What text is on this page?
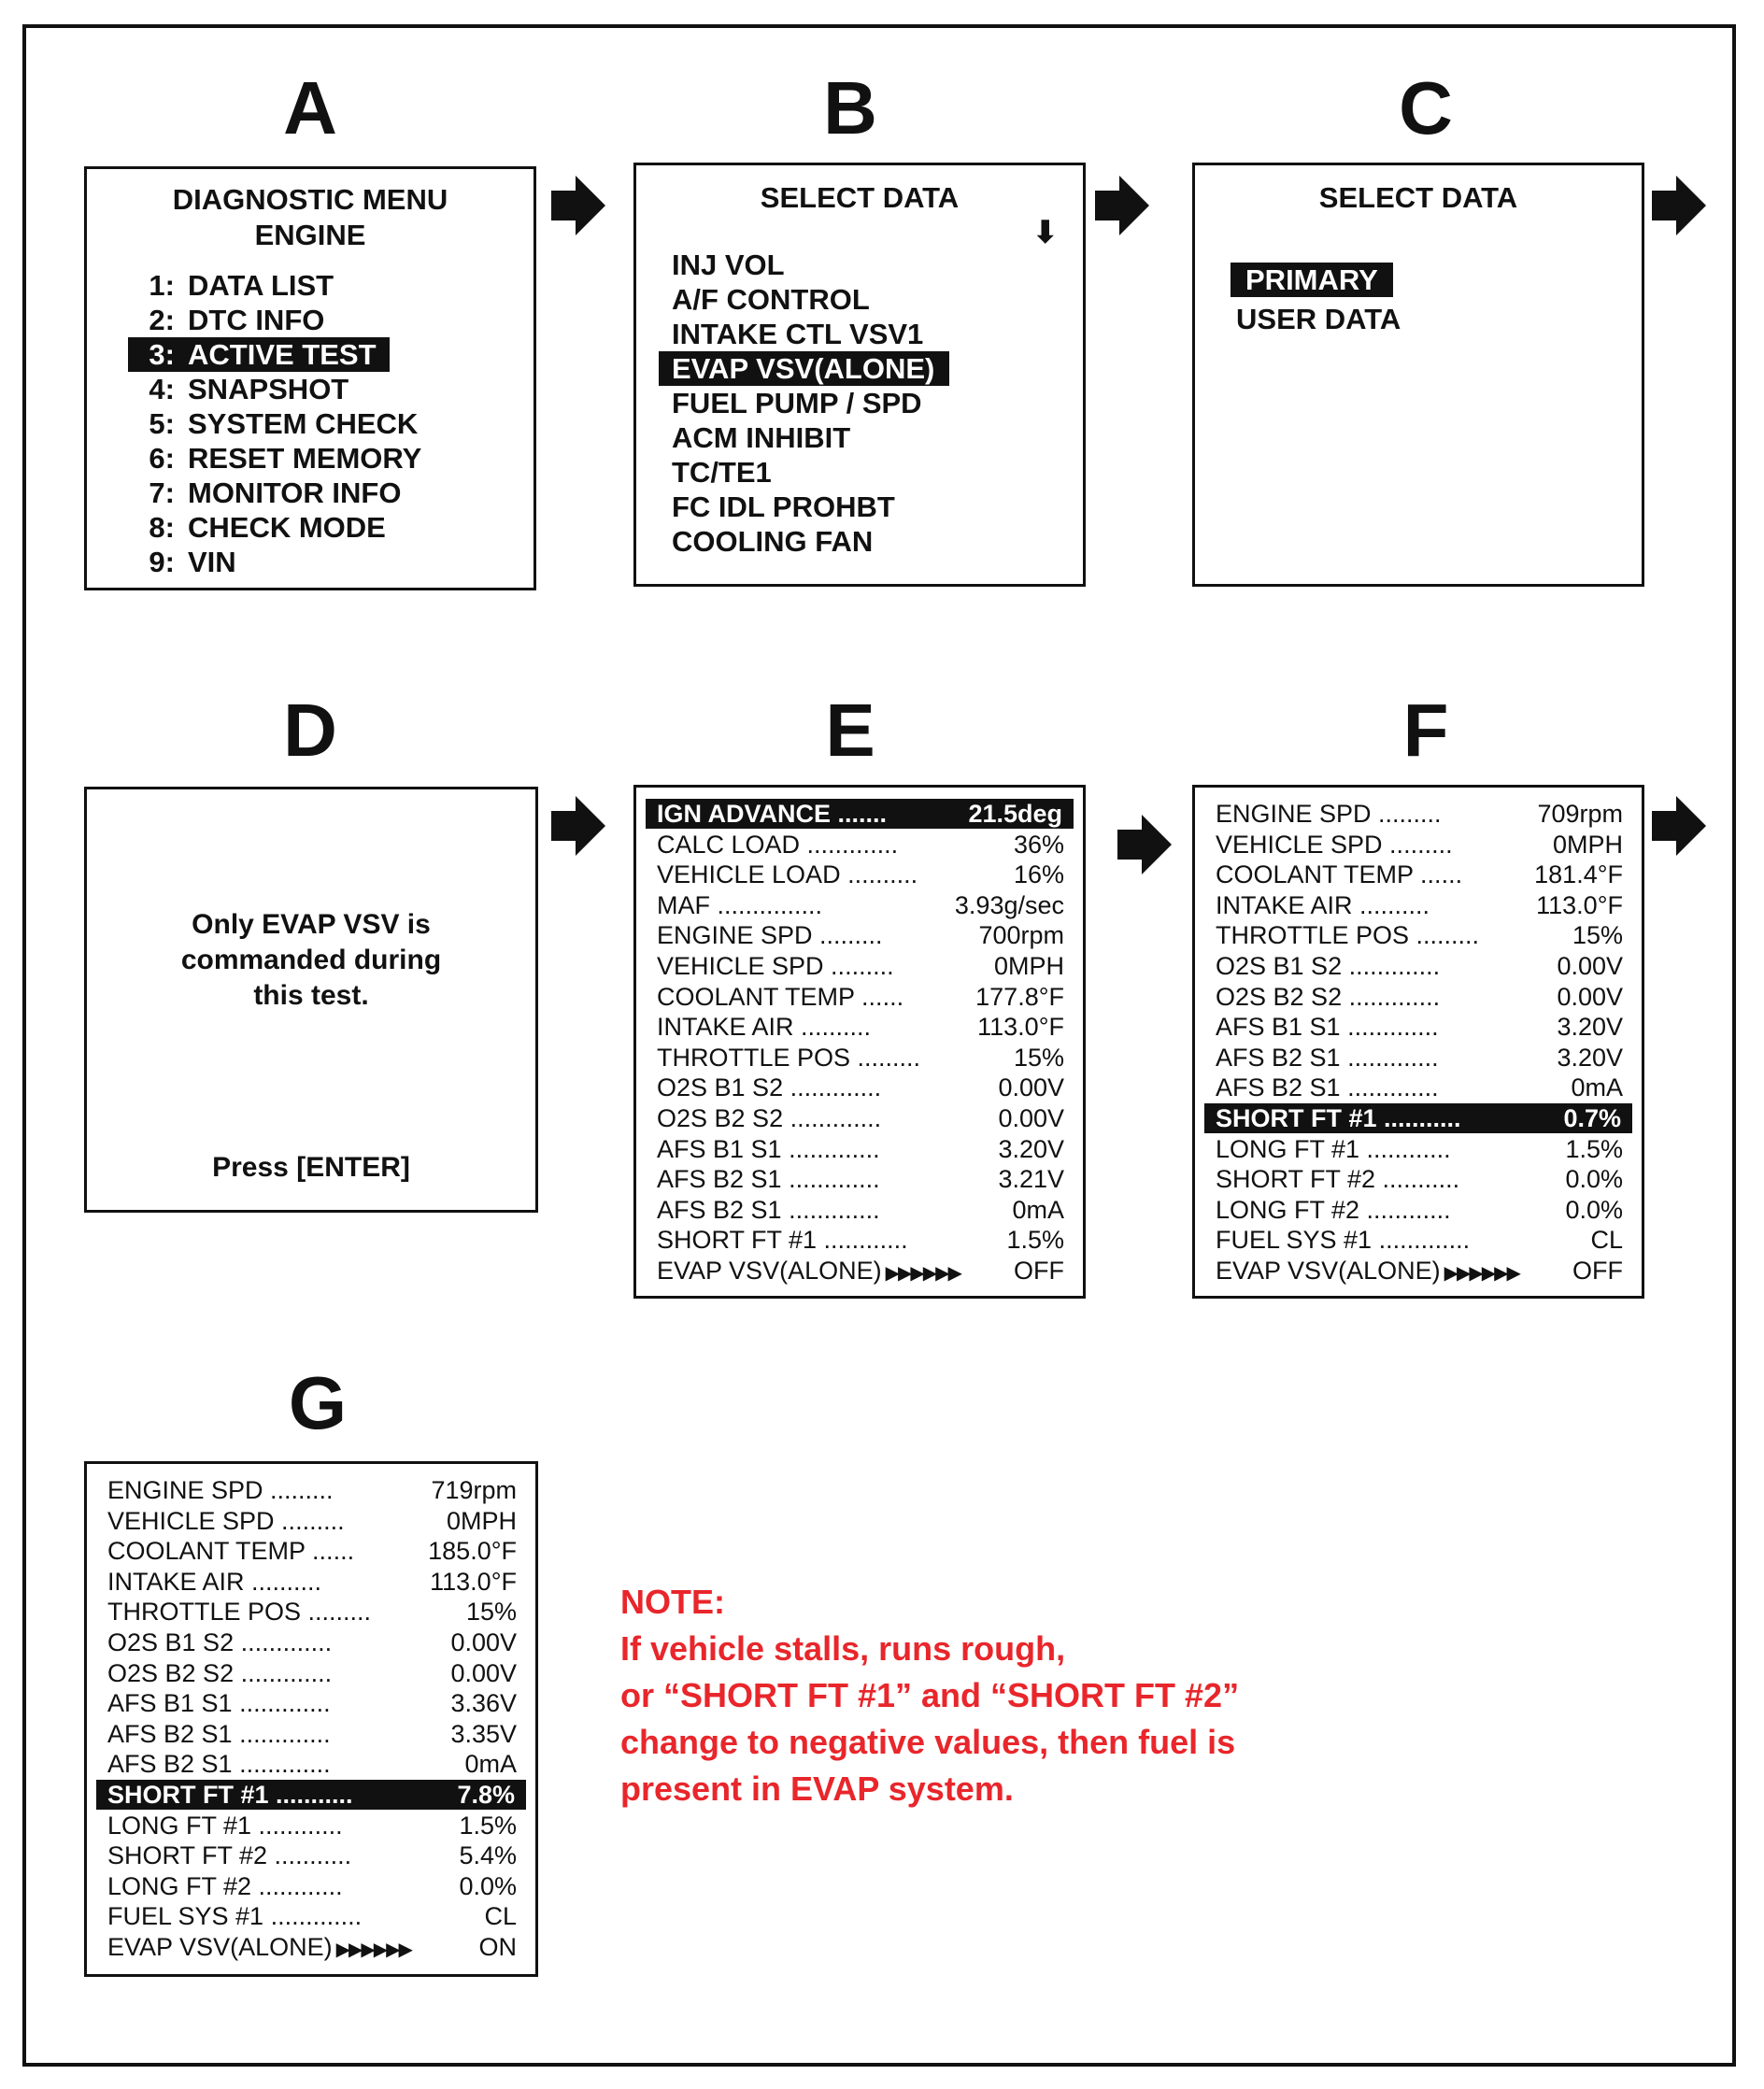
A	B	C
D	E	F
G
DIAGNOSTIC MENU
ENGINE
1: DATA LIST
2: DTC INFO
3: ACTIVE TEST
4: SNAPSHOT
5: SYSTEM CHECK
6: RESET MEMORY
7: MONITOR INFO
8: CHECK MODE
9: VIN
SELECT DATA
⬇
INJ VOL
A/F CONTROL
INTAKE CTL VSV1
EVAP VSV(ALONE)
FUEL PUMP / SPD
ACM INHIBIT
TC/TE1
FC IDL PROHBT
COOLING FAN
SELECT DATA
PRIMARY
USER DATA
Only EVAP VSV is
commanded during
this test.
Press [ENTER]
IGN ADVANCE .......	21.5deg
CALC LOAD .............	36%
VEHICLE LOAD ..........	16%
MAF ...............	3.93g/sec
ENGINE SPD .........	700rpm
VEHICLE SPD .........	0MPH
COOLANT TEMP ......	177.8°F
INTAKE AIR ..........	113.0°F
THROTTLE POS .........	15%
O2S B1 S2 .............	0.00V
O2S B2 S2 .............	0.00V
AFS B1 S1 .............	3.20V
AFS B2 S1 .............	3.21V
AFS B2 S1 .............	0mA
SHORT FT #1 ............	1.5%
EVAP VSV(ALONE) ▶▶▶▶▶▶ OFF
ENGINE SPD .........	709rpm
VEHICLE SPD .........	0MPH
COOLANT TEMP ......	181.4°F
INTAKE AIR ..........	113.0°F
THROTTLE POS .........	15%
O2S B1 S2 .............	0.00V
O2S B2 S2 .............	0.00V
AFS B1 S1 .............	3.20V
AFS B2 S1 .............	3.20V
AFS B2 S1 .............	0mA
SHORT FT #1 ...........	0.7%
LONG FT #1 ............	1.5%
SHORT FT #2 ...........	0.0%
LONG FT #2 ............	0.0%
FUEL SYS #1 .............	CL
EVAP VSV(ALONE) ▶▶▶▶▶▶ OFF
ENGINE SPD .........	719rpm
VEHICLE SPD .........	0MPH
COOLANT TEMP ......	185.0°F
INTAKE AIR ..........	113.0°F
THROTTLE POS .........	15%
O2S B1 S2 .............	0.00V
O2S B2 S2 .............	0.00V
AFS B1 S1 .............	3.36V
AFS B2 S1 .............	3.35V
AFS B2 S1 .............	0mA
SHORT FT #1 ...........	7.8%
LONG FT #1 ............	1.5%
SHORT FT #2 ...........	5.4%
LONG FT #2 ............	0.0%
FUEL SYS #1 .............	CL
EVAP VSV(ALONE) ▶▶▶▶▶▶	ON
NOTE:
If vehicle stalls, runs rough,
or “SHORT FT #1” and “SHORT FT #2”
change to negative values, then fuel is
present in EVAP system.
